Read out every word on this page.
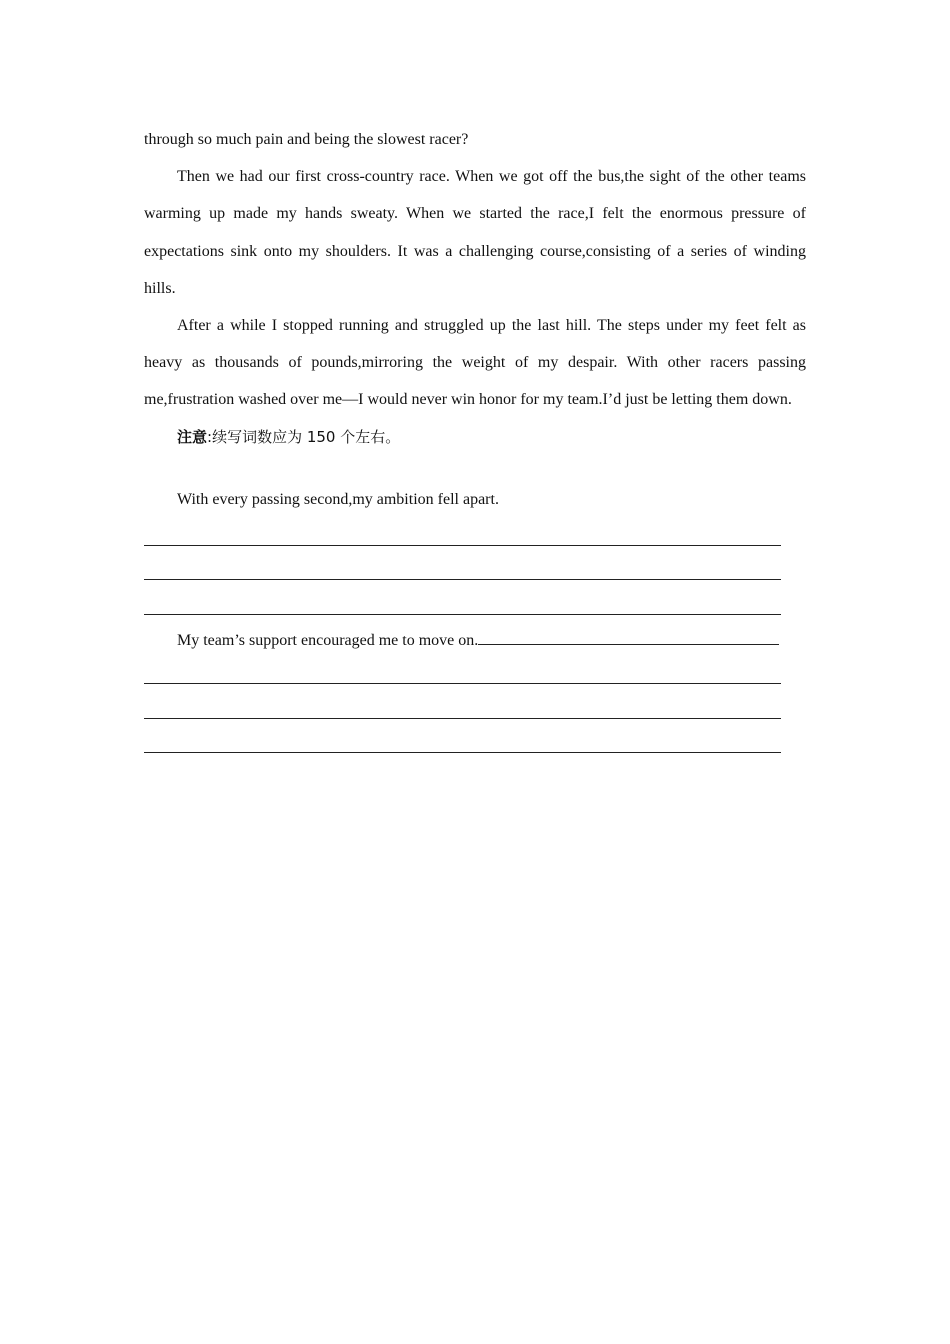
through so much pain and being the slowest racer?

Then we had our first cross-country race. When we got off the bus,the sight of the other teams warming up made my hands sweaty. When we started the race,I felt the enormous pressure of expectations sink onto my shoulders. It was a challenging course,consisting of a series of winding hills.

After a while I stopped running and struggled up the last hill. The steps under my feet felt as heavy as thousands of pounds,mirroring the weight of my despair. With other racers passing me,frustration washed over me—I would never win honor for my team.I’d just be letting them down.

注意:续写词数应为 150 个左右。

With every passing second,my ambition fell apart.
My team’s support encouraged me to move on.
